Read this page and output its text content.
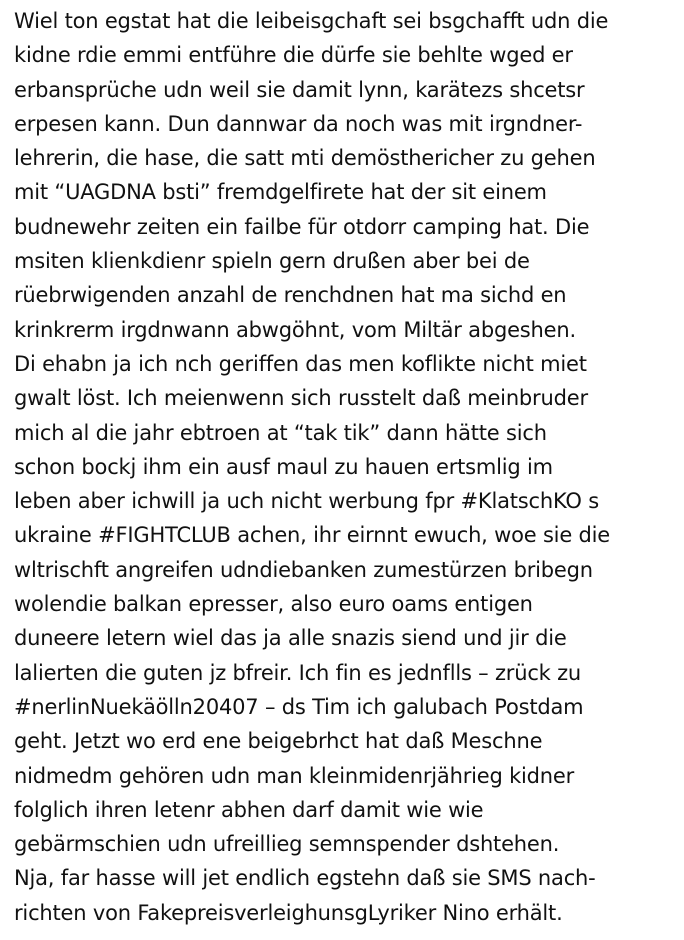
Wiel ton egstat hat die leibeisgchaft sei bsgchafft udn die
kidne rdie emmi entführe die dürfe sie behlte wged er
erbansprüche udn weil sie damit lynn, karätezs shcetsr
erpesen kann. Dun dannwar da noch was mit irgndner-
lehrerin, die hase, die satt mti demösthericher zu gehen
mit “UAGDNA bsti” fremdgelfirete hat der sit einem
budnewehr zeiten ein failbe für otdorr camping hat. Die
msiten klienkdienr spieln gern drußen aber bei de
rüebrwigenden anzahl de renchdnen hat ma sichd en
krinkrerm irgdnwann abwgöhnt, vom Miltär abgeshen.
Di ehabn ja ich nch geriffen das men koflikte nicht miet
gwalt löst. Ich meienwenn sich russtelt daß meinbruder
mich al die jahr ebtroen at “tak tik” dann hätte sich
schon bockj ihm ein ausf maul zu hauen ertsmlig im
leben aber ichwill ja uch nicht werbung fpr #KlatschKO s
ukraine #FIGHTCLUB achen, ihr eirnnt ewuch, woe sie die
wltrischft angreifen udndiebanken zumestürzen bribegn
wolendie balkan epresser, also euro oams entigen
duneere letern wiel das ja alle snazis siend und jir die
lalierten die guten jz bfreir. Ich fin es jednflls – zrück zu
#nerlinNuekäölln20407 – ds Tim ich galubach Postdam
geht. Jetzt wo erd ene beigebrhct hat daß Meschne
nidmedm gehören udn man kleinmidenrjährieg kidner
folglich ihren letenr abhen darf damit wie wie
gebärmschien udn ufreillieg semnspender dshtehen.
Nja, far hasse will jet endlich egstehn daß sie SMS nach-
richten von FakepreisverleighunsgLyriker Nino erhält.
